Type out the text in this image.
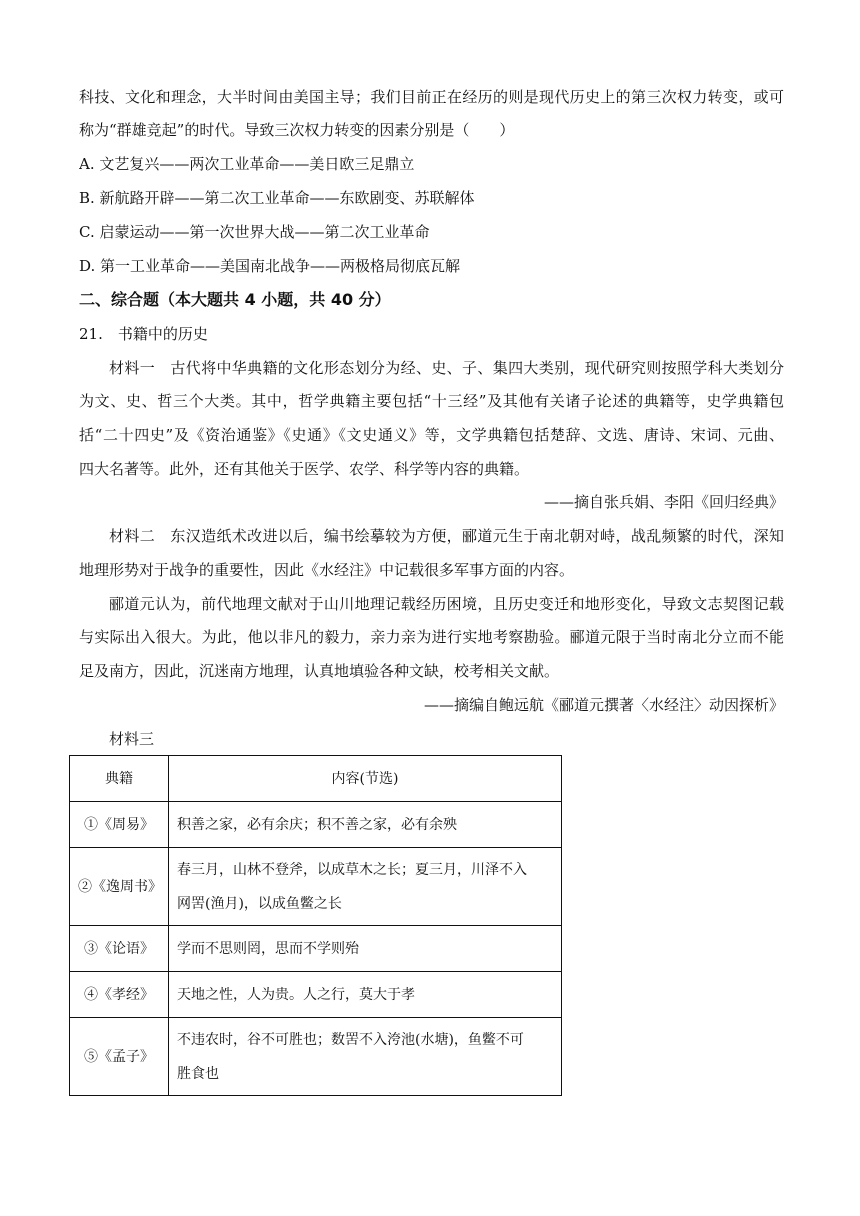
科技、文化和理念，大半时间由美国主导；我们目前正在经历的则是现代历史上的第三次权力转变，或可
称为“群雄竞起”的时代。导致三次权力转变的因素分别是（　　）
A. 文艺复兴——两次工业革命——美日欧三足鼎立
B. 新航路开辟——第二次工业革命——东欧剧变、苏联解体
C. 启蒙运动——第一次世界大战——第二次工业革命
D. 第一工业革命——美国南北战争——两极格局彻底瓦解
二、综合题（本大题共 4 小题，共 40 分）
21.　书籍中的历史
材料一　古代将中华典籍的文化形态划分为经、史、子、集四大类别，现代研究则按照学科大类划分
为文、史、哲三个大类。其中，哲学典籍主要包括“十三经”及其他有关诸子论述的典籍等，史学典籍包
括“二十四史”及《资治通鉴》《史通》《文史通义》等，文学典籍包括楚辞、文选、唐诗、宋词、元曲、
四大名著等。此外，还有其他关于医学、农学、科学等内容的典籍。
——摘自张兵娟、李阳《回归经典》
材料二　东汉造纸术改进以后，编书绘摹较为方便，郦道元生于南北朝对峙，战乱频繁的时代，深知
地理形势对于战争的重要性，因此《水经注》中记载很多军事方面的内容。
郦道元认为，前代地理文献对于山川地理记载经历困境，且历史变迁和地形变化，导致文志契图记载
与实际出入很大。为此，他以非凡的毅力，亲力亲为进行实地考察勘验。郦道元限于当时南北分立而不能
足及南方，因此，沉迷南方地理，认真地填验各种文缺，校考相关文献。
——摘编自鲍远航《郦道元撰著〈水经注〉动因探析》
材料三
典籍	内容(节选)
①《周易》	积善之家，必有余庆；积不善之家，必有余殃
②《逸周书》	春三月，山林不登斧，以成草木之长；夏三月，川泽不入
网罟(渔月)，以成鱼鳖之长

③《论语》	学而不思则罔，思而不学则殆
④《孝经》	天地之性，人为贵。人之行，莫大于孝
⑤《孟子》	不违农时，谷不可胜也；数罟不入洿池(水塘)，鱼鳖不可
胜食也
